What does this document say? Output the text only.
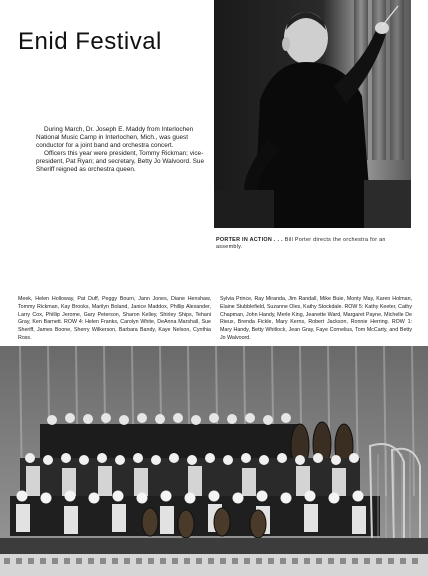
Enid Festival

During March, Dr. Joseph E. Maddy from Interlochen National Music Camp in Interlochen, Mich., was guest conductor for a joint band and orchestra concert.

Officers this year were president, Tommy Rickman; vice-president, Pat Ryan; and secretary, Betty Jo Walvoord. Sue Sheriff reigned as orchestra queen.

PORTER IN ACTION . . . Bill Porter directs the orchestra for an assembly.
Meek, Helen Holloway, Pat Duff, Peggy Bourn, Jann Jones, Diane Henshaw, Tommy Rickman, Kay Brooks, Marilyn Boland, Janice Maddox, Phillip Alexander, Larry Cox, Phillip Jerome, Gary Peterson, Sharon Kelley, Shirley Ships, Tehani Gray, Ken Barnett. ROW 4: Helen Franks, Carolyn White, DeAnna Marshall, Sue Sheriff, James Boone, Sherry Wilkerson, Barbara Bandy, Kaye Nelson, Cynthia Ross.
Sylvia Prince, Ray Miranda, Jim Randall, Mike Buie, Monty May, Karen Holman, Elaine Stubblefield, Suzanne Oles, Kathy Stockdale. ROW 5: Kathy Keeter, Cathy Chapman, John Handy, Merle King, Jeanette Ward, Margaret Payne, Michelle De Rieux, Brenda Fickle, Mary Kerns, Robert Jackson, Ronnie Herring. ROW 1: Mary Handy, Betty Whitlock, Jean Gray, Faye Cornelius, Tom McCarty, and Betty Jo Walvoord.
